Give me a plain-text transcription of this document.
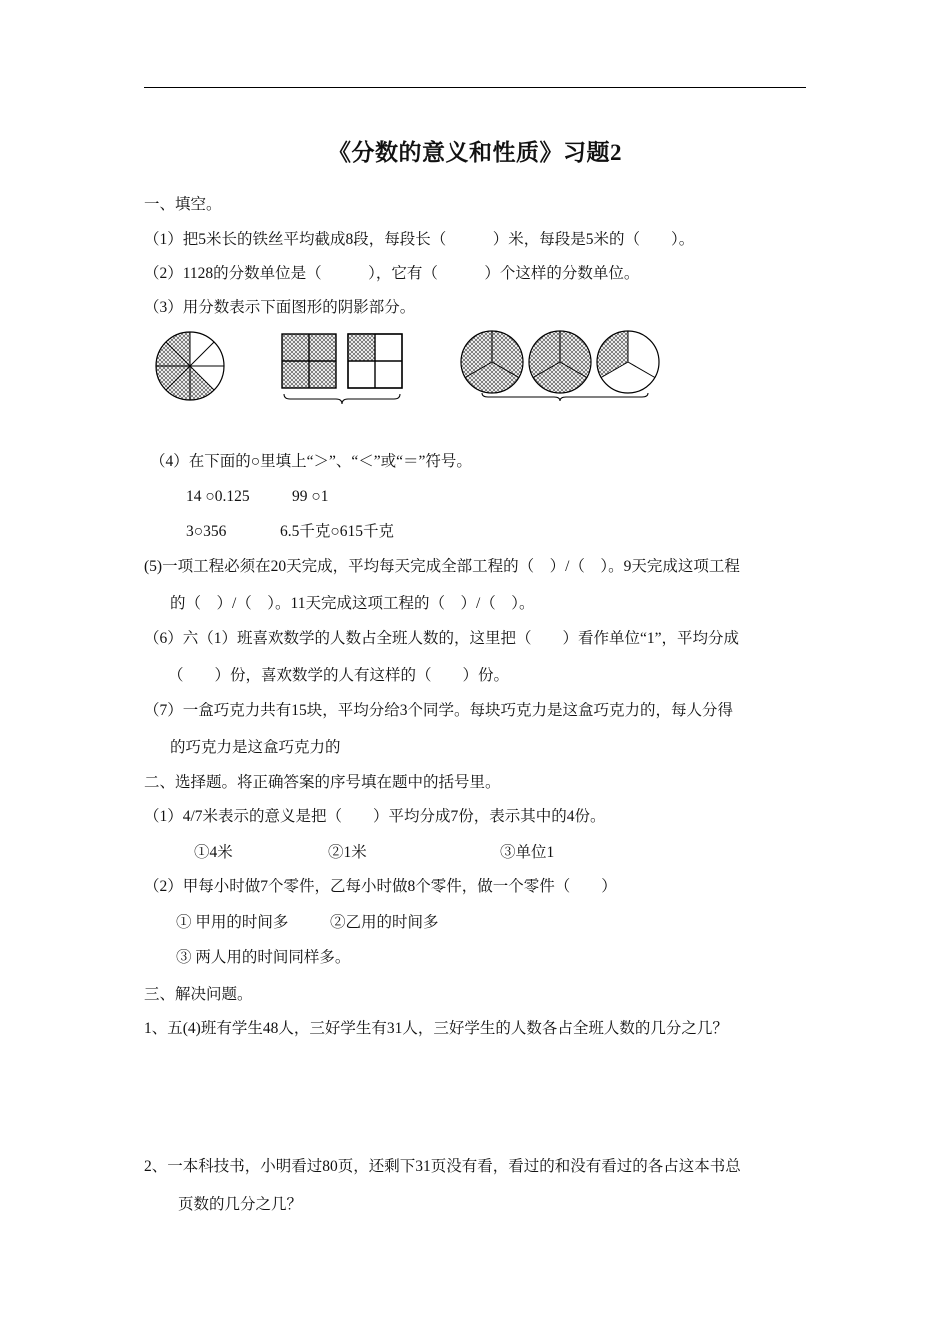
《分数的意义和性质》习题2
一、填空。
（1）把5米长的铁丝平均截成8段，每段长（　　　）米，每段是5米的（　　）。
（2）1128的分数单位是（　　　），它有（　　　）个这样的分数单位。
（3）用分数表示下面图形的阴影部分。
（4）在下面的○里填上“＞”、“＜”或“＝”符号。
14 ○0.125	99 ○1
3○356	6.5千克○615千克
(5)一项工程必须在20天完成，平均每天完成全部工程的（　）/（　）。9天完成这项工程
的（　）/（　）。11天完成这项工程的（　）/（　）。
（6）六（1）班喜欢数学的人数占全班人数的，这里把（　　）看作单位“1”，平均分成
（　　）份，喜欢数学的人有这样的（　　）份。
（7）一盒巧克力共有15块，平均分给3个同学。每块巧克力是这盒巧克力的，每人分得
的巧克力是这盒巧克力的
二、选择题。将正确答案的序号填在题中的括号里。
（1）4/7米表示的意义是把（　　）平均分成7份，表示其中的4份。
①4米	②1米	③单位1
（2）甲每小时做7个零件，乙每小时做8个零件，做一个零件（　　）
① 甲用的时间多	②乙用的时间多
③ 两人用的时间同样多。
三、解决问题。
1、五(4)班有学生48人，三好学生有31人，三好学生的人数各占全班人数的几分之几？
2、一本科技书，小明看过80页，还剩下31页没有看，看过的和没有看过的各占这本书总
页数的几分之几？
